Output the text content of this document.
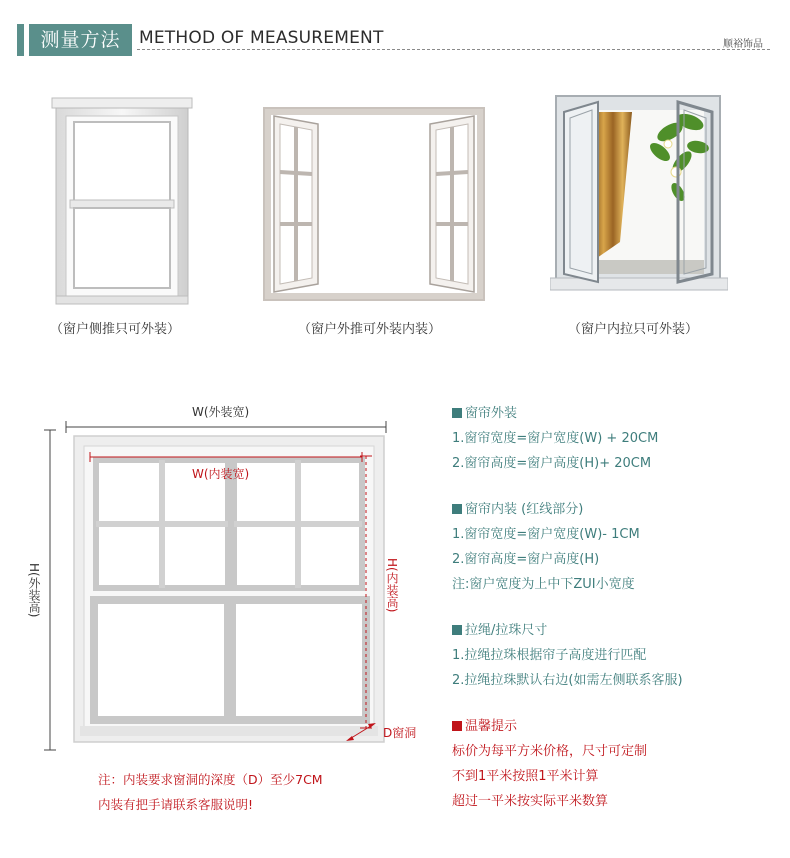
测量方法	METHOD OF MEASUREMENT	顺裕饰品
（窗户侧推只可外装）	（窗户外推可外装内装）	（窗户内拉只可外装）
W(外装宽)
W(内装宽)
H(外装高)	H(内装高)
D窗洞
注：内装要求窗洞的深度（D）至少7CM
内装有把手请联系客服说明!
窗帘外装
1.窗帘宽度=窗户宽度(W) + 20CM
2.窗帘高度=窗户高度(H)+ 20CM
窗帘内装 (红线部分)
1.窗帘宽度=窗户宽度(W)- 1CM
2.窗帘高度=窗户高度(H)
注:窗户宽度为上中下ZUI小宽度
拉绳/拉珠尺寸
1.拉绳拉珠根据帘子高度进行匹配
2.拉绳拉珠默认右边(如需左侧联系客服)
温馨提示
标价为每平方米价格，尺寸可定制
不到1平米按照1平米计算
超过一平米按实际平米数算
